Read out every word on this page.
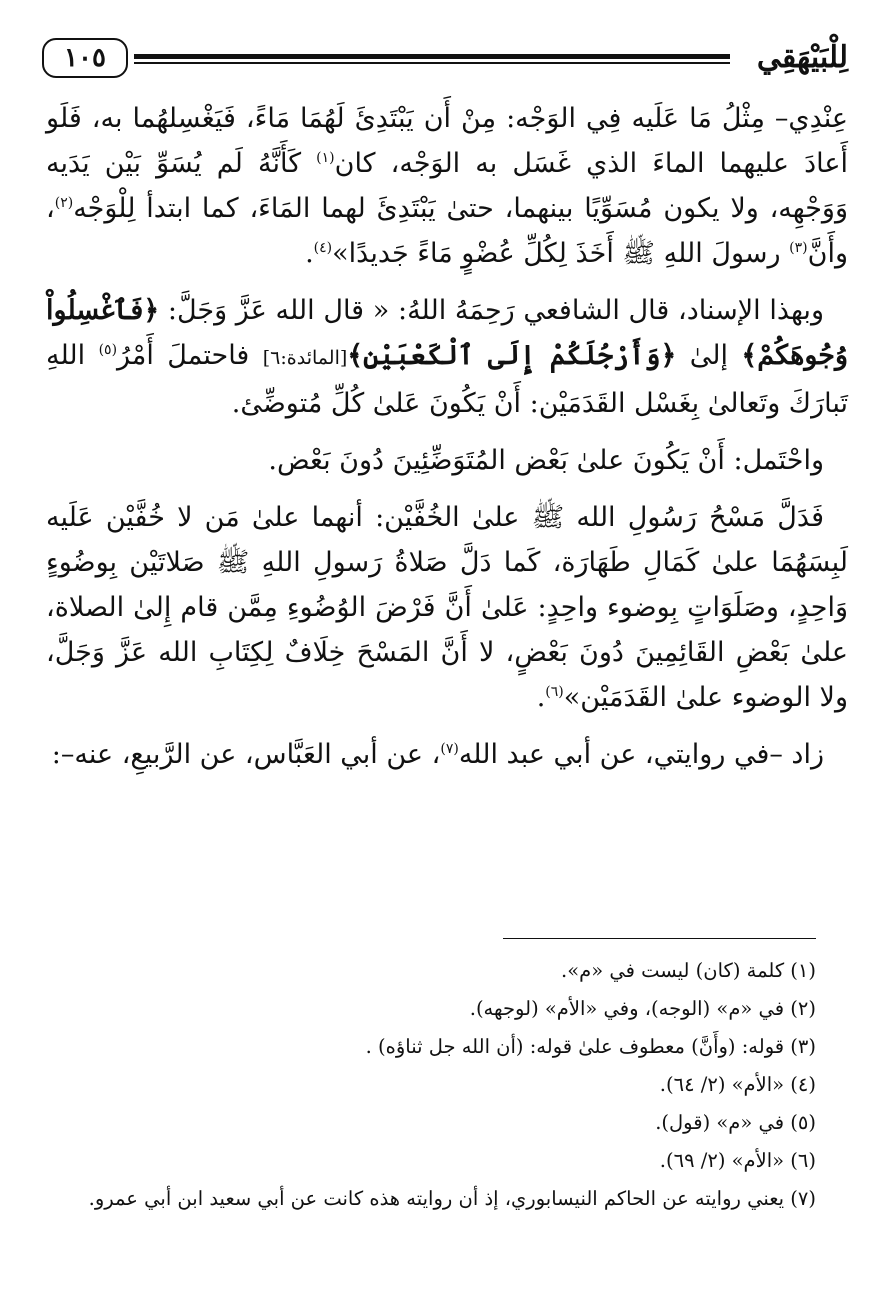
١٠٥	لِلْبَيْهَقِي

عِنْدِي– مِثْلُ مَا عَلَيه فِي الوَجْه: مِنْ أَن يَبْتَدِئَ لَهُمَا مَاءً، فَيَغْسِلهُما به، فَلَو أَعادَ عليهما الماءَ الذي غَسَل به الوَجْه، كان$^{(١)}$ كَأَنَّهُ لَم يُسَوِّ بَيْن يَدَيه وَوَجْهِه، ولا يكون مُسَوِّيًا بينهما، حتىٰ يَبْتَدِئَ لهما المَاءَ، كما ابتدأ لِلْوَجْه$^{(٢)}$، وأَنَّ$^{(٣)}$ رسولَ اللهِ ﷺ أَخَذَ لِكُلِّ عُضْوٍ مَاءً جَديدًا»$^{(٤)}$.

وبهذا الإسناد، قال الشافعي رَحِمَهُ اللهُ: « قال الله عَزَّ وَجَلَّ: ﴿فَٱغْسِلُواْ وُجُوهَكُمْ﴾ إلىٰ ﴿وَأَرْجُلَكُمْ إِلَى ٱلْكَعْبَيْنِ﴾[المائدة:٦] فاحتملَ أَمْرُ$^{(٥)}$ اللهِ تَبارَكَ وتَعالىٰ بِغَسْل القَدَمَيْن: أَنْ يَكُونَ عَلىٰ كُلِّ مُتوضِّئ.

واحْتَمل: أَنْ يَكُونَ علىٰ بَعْض المُتَوَضِّئِينَ دُونَ بَعْض.

فَدَلَّ مَسْحُ رَسُولِ الله ﷺ علىٰ الخُفَّيْن: أنهما علىٰ مَن لا خُفَّيْن عَلَيه لَبِسَهُمَا علىٰ كَمَالِ طَهَارَة، كَما دَلَّ صَلاةُ رَسولِ اللهِ ﷺ صَلاتَيْن بِوضُوءٍ وَاحِدٍ، وصَلَوَاتٍ بِوضوء واحِدٍ: عَلىٰ أَنَّ فَرْضَ الوُضُوءِ مِمَّن قام إِلىٰ الصلاة، علىٰ بَعْضِ القَائِمِينَ دُونَ بَعْضٍ، لا أَنَّ المَسْحَ خِلَافٌ لِكِتَابِ الله عَزَّ وَجَلَّ، ولا الوضوء علىٰ القَدَمَيْن»$^{(٦)}$.

زاد –في روايتي، عن أبي عبد الله$^{(٧)}$، عن أبي العَبَّاس، عن الرَّبيعِ، عنه–:

(١) كلمة (كان) ليست في «م».
(٢) في «م» (الوجه)، وفي «الأم» (لوجهه).
(٣) قوله: (وأَنَّ) معطوف علىٰ قوله: (أن الله جل ثناؤه) .
(٤) «الأم» (٢/ ٦٤).
(٥) في «م» (قول).
(٦) «الأم» (٢/ ٦٩).
(٧) يعني روايته عن الحاكم النيسابوري، إذ أن روايته هذه كانت عن أبي سعيد ابن أبي عمرو.
